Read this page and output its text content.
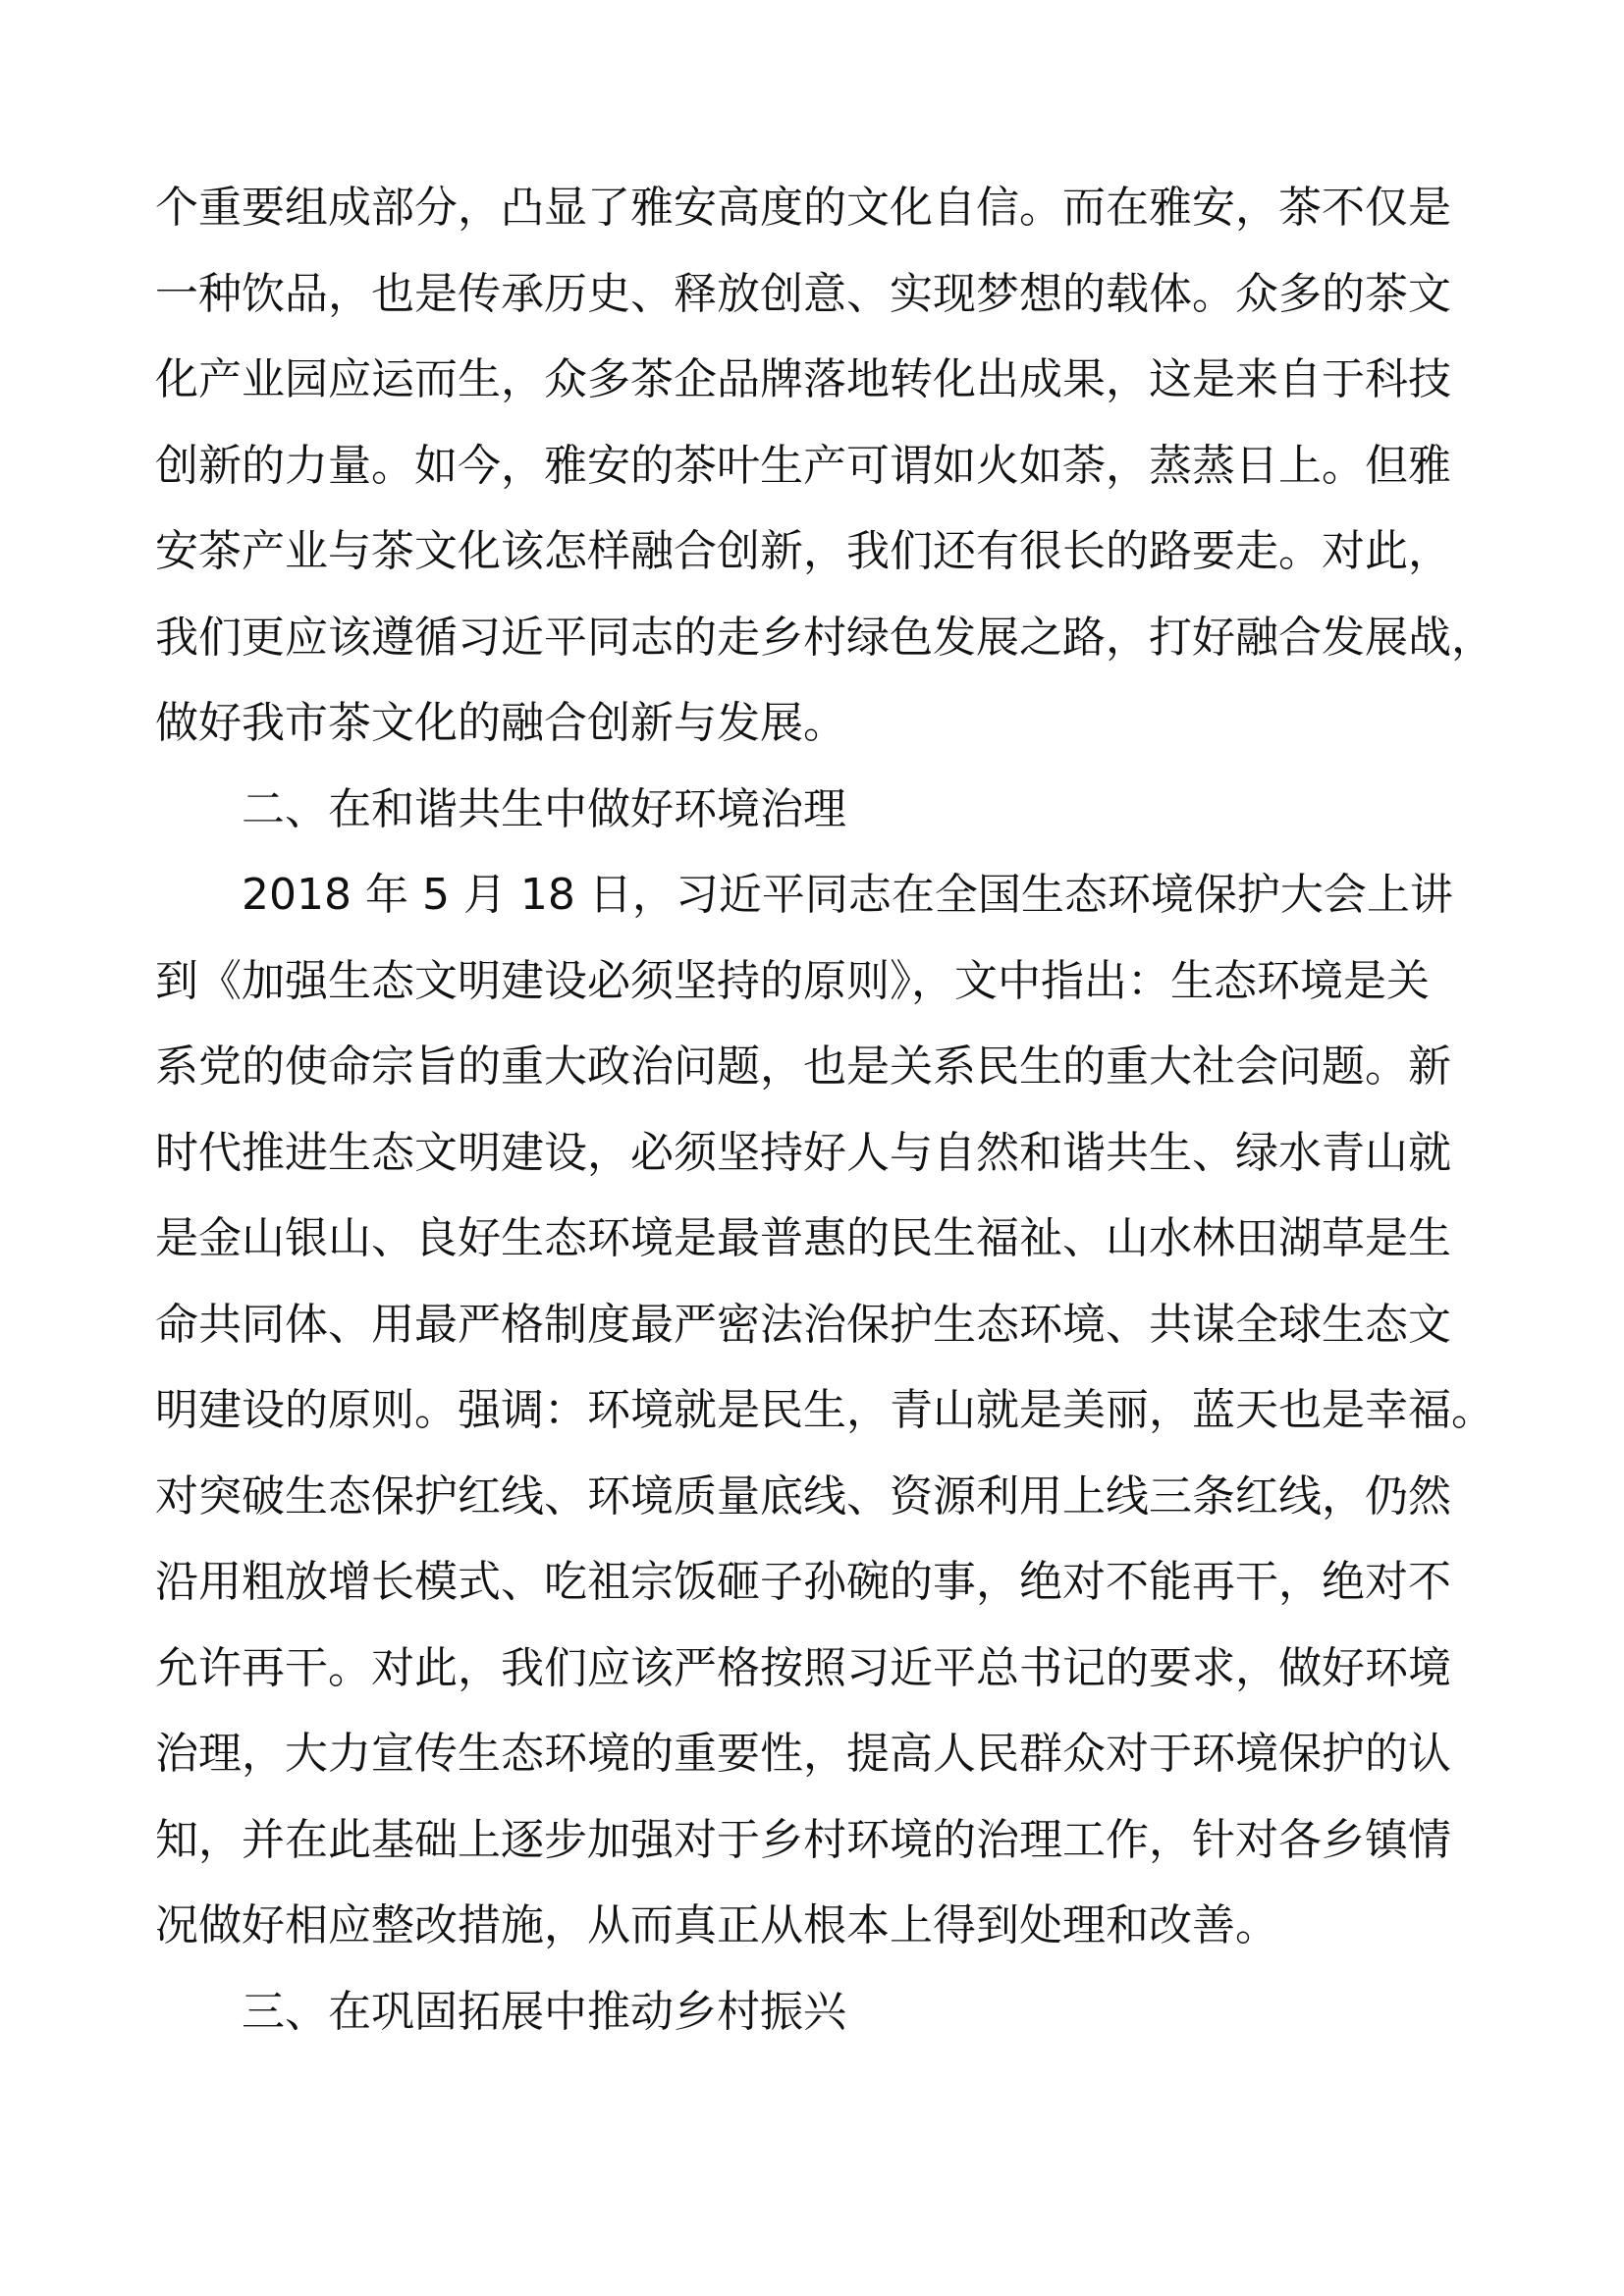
个重要组成部分，凸显了雅安高度的文化自信。而在雅安，茶不仅是
一种饮品，也是传承历史、释放创意、实现梦想的载体。众多的茶文
化产业园应运而生，众多茶企品牌落地转化出成果，这是来自于科技
创新的力量。如今，雅安的茶叶生产可谓如火如荼，蒸蒸日上。但雅
安茶产业与茶文化该怎样融合创新，我们还有很长的路要走。对此，
我们更应该遵循习近平同志的走乡村绿色发展之路，打好融合发展战，
做好我市茶文化的融合创新与发展。
二、在和谐共生中做好环境治理
2018 年 5 月 18 日，习近平同志在全国生态环境保护大会上讲
到《加强生态文明建设必须坚持的原则》，文中指出：生态环境是关
系党的使命宗旨的重大政治问题，也是关系民生的重大社会问题。新
时代推进生态文明建设，必须坚持好人与自然和谐共生、绿水青山就
是金山银山、良好生态环境是最普惠的民生福祉、山水林田湖草是生
命共同体、用最严格制度最严密法治保护生态环境、共谋全球生态文
明建设的原则。强调：环境就是民生，青山就是美丽，蓝天也是幸福。
对突破生态保护红线、环境质量底线、资源利用上线三条红线，仍然
沿用粗放增长模式、吃祖宗饭砸子孙碗的事，绝对不能再干，绝对不
允许再干。对此，我们应该严格按照习近平总书记的要求，做好环境
治理，大力宣传生态环境的重要性，提高人民群众对于环境保护的认
知，并在此基础上逐步加强对于乡村环境的治理工作，针对各乡镇情
况做好相应整改措施，从而真正从根本上得到处理和改善。
三、在巩固拓展中推动乡村振兴
